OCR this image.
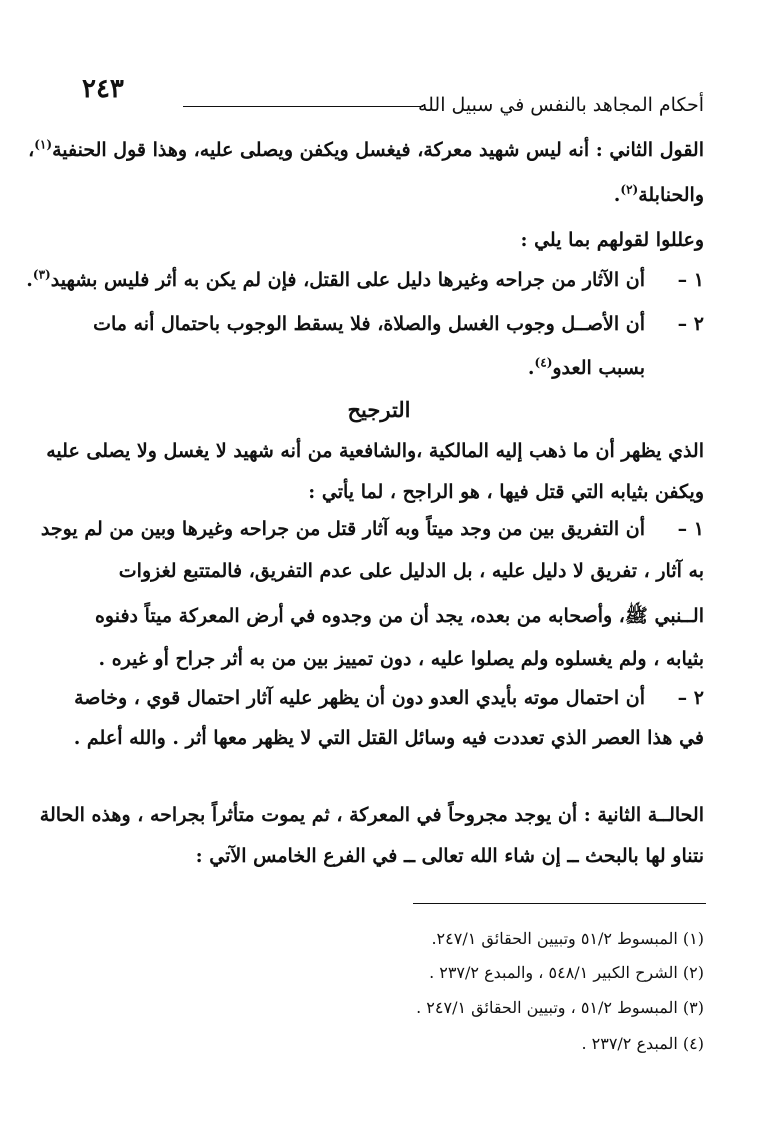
٢٤٣
أحكام المجاهد بالنفس في سبيل الله
القول الثاني : أنه ليس شهيد معركة، فيغسل ويكفن ويصلى عليه، وهذا قول الحنفية$^{(١)}$،
والحنابلة$^{(٢)}$.
وعللوا لقولهم بما يلي :
١ –
أن الآثار من جراحه وغيرها دليل على القتل، فإن لم يكن به أثر فليس بشهيد$^{(٣)}$.
٢ –
أن الأصــل وجوب الغسل والصلاة، فلا يسقط الوجوب باحتمال أنه مات
بسبب العدو$^{(٤)}$.
الترجيح
الذي يظهر أن ما ذهب إليه المالكية ،والشافعية من أنه شهيد لا يغسل ولا يصلى عليه
ويكفن بثيابه التي قتل فيها ، هو الراجح ، لما يأتي :
١ –
أن التفريق بين من وجد ميتاً وبه آثار قتل من جراحه وغيرها وبين من لم يوجد
به آثار ، تفريق لا دليل عليه ، بل الدليل على عدم التفريق، فالمتتبع لغزوات
الــنبي ﷺ، وأصحابه من بعده، يجد أن من وجدوه في أرض المعركة ميتاً دفنوه
بثيابه ، ولم يغسلوه ولم يصلوا عليه ، دون تمييز بين من به أثر جراح أو غيره .
٢ –
أن احتمال موته بأيدي العدو دون أن يظهر عليه آثار احتمال قوي ، وخاصة
في هذا العصر الذي تعددت فيه وسائل القتل التي لا يظهر معها أثر . والله أعلم .
الحالــة الثانية : أن يوجد مجروحاً في المعركة ، ثم يموت متأثراً بجراحه ، وهذه الحالة
نتناو لها بالبحث ــ إن شاء الله تعالى ــ في الفرع الخامس الآتي :
(١) المبسوط ٥١/٢ وتبيين الحقائق ٢٤٧/١.
(٢) الشرح الكبير ٥٤٨/١ ، والمبدع ٢٣٧/٢ .
(٣) المبسوط ٥١/٢ ، وتبيين الحقائق ٢٤٧/١ .
(٤) المبدع ٢٣٧/٢ .
